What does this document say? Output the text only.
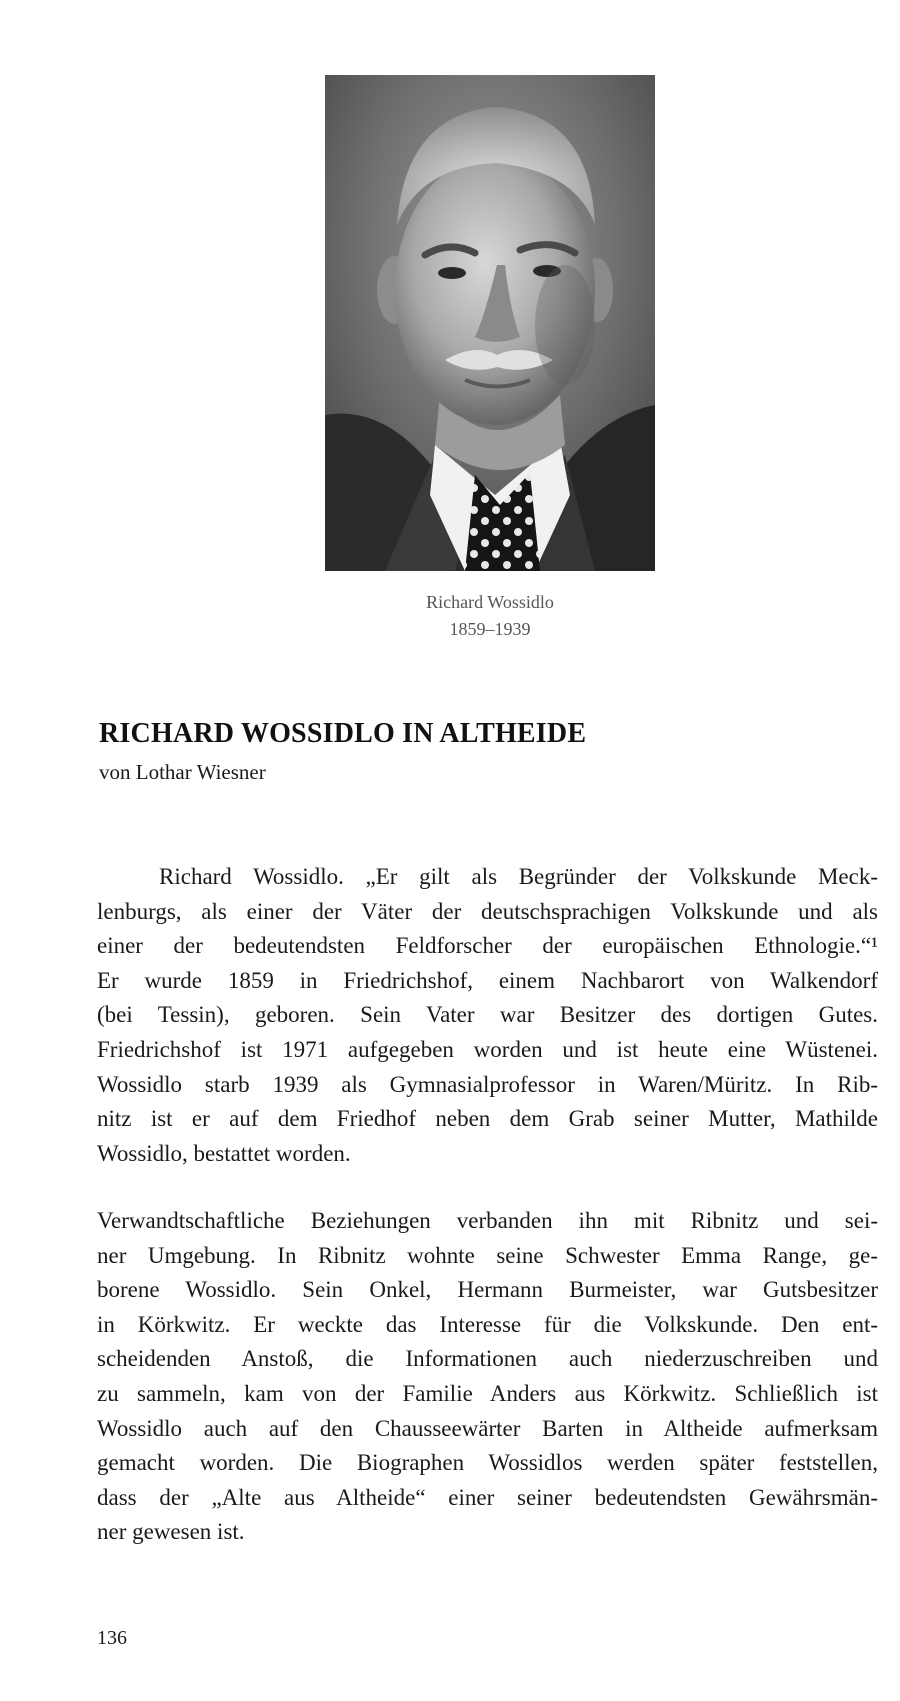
Richard Wossidlo
1859–1939
RICHARD WOSSIDLO IN ALTHEIDE
von Lothar Wiesner
Richard Wossidlo. „Er gilt als Begründer der Volkskunde Meck-
lenburgs, als einer der Väter der deutschsprachigen Volkskunde und als
einer der bedeutendsten Feldforscher der europäischen Ethnologie.“¹
Er wurde 1859 in Friedrichshof, einem Nachbarort von Walkendorf
(bei Tessin), geboren. Sein Vater war Besitzer des dortigen Gutes.
Friedrichshof ist 1971 aufgegeben worden und ist heute eine Wüstenei.
Wossidlo starb 1939 als Gymnasialprofessor in Waren/Müritz. In Rib-
nitz ist er auf dem Friedhof neben dem Grab seiner Mutter, Mathilde
Wossidlo, bestattet worden.
Verwandtschaftliche Beziehungen verbanden ihn mit Ribnitz und sei-
ner Umgebung. In Ribnitz wohnte seine Schwester Emma Range, ge-
borene Wossidlo. Sein Onkel, Hermann Burmeister, war Gutsbesitzer
in Körkwitz. Er weckte das Interesse für die Volkskunde. Den ent-
scheidenden Anstoß, die Informationen auch niederzuschreiben und
zu sammeln, kam von der Familie Anders aus Körkwitz. Schließlich ist
Wossidlo auch auf den Chausseewärter Barten in Altheide aufmerksam
gemacht worden. Die Biographen Wossidlos werden später feststellen,
dass der „Alte aus Altheide“ einer seiner bedeutendsten Gewährsmän-
ner gewesen ist.
136
